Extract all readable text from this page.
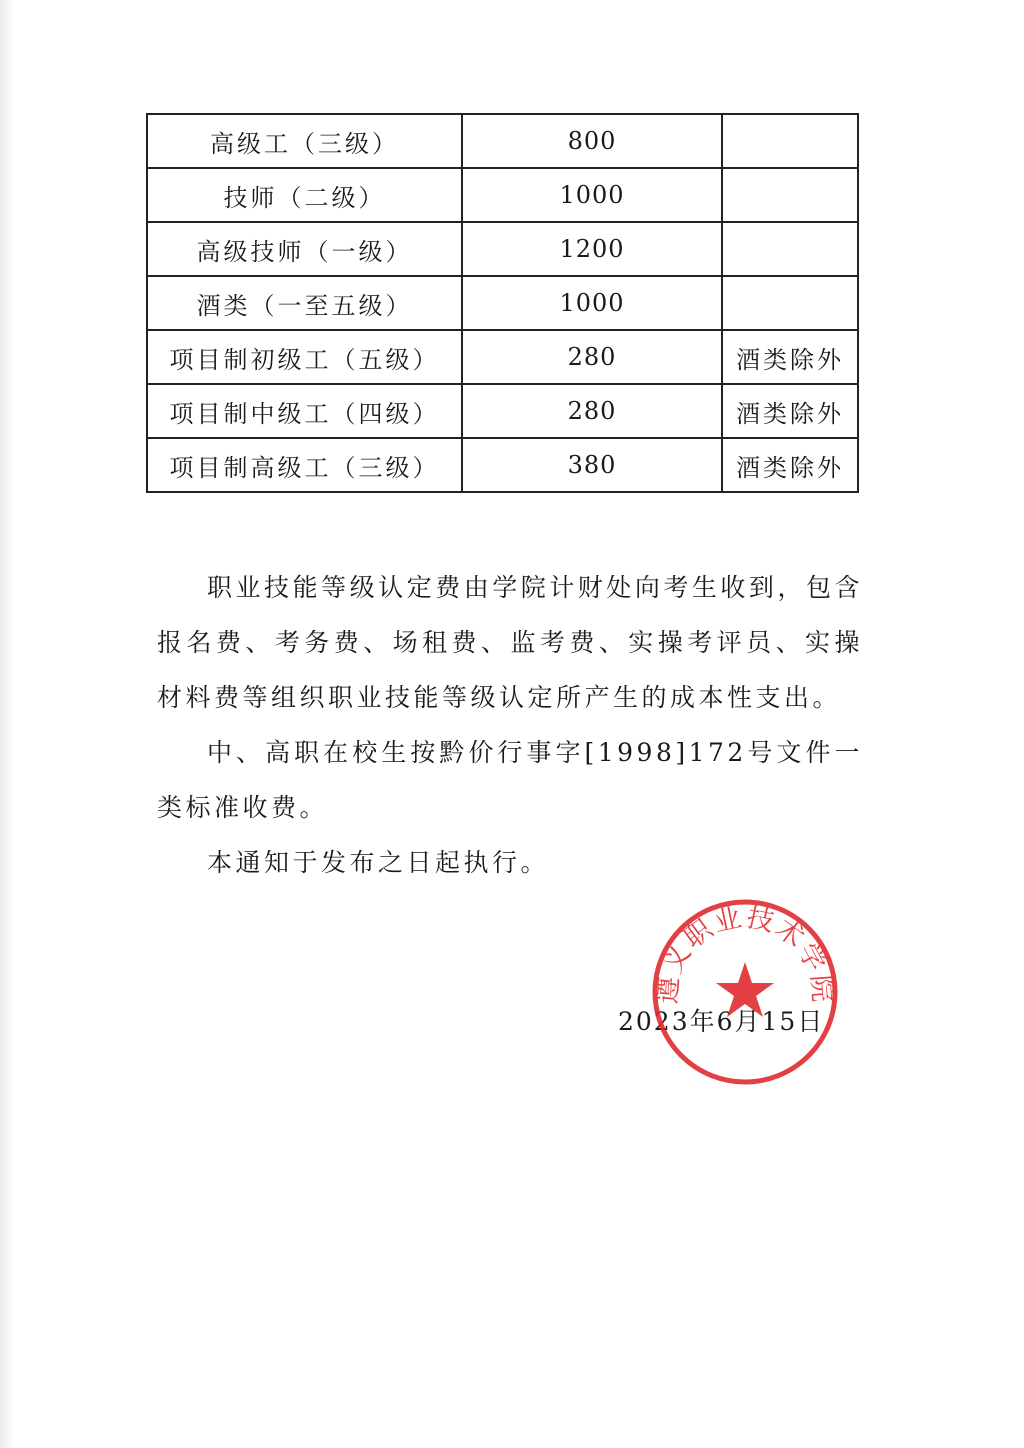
高级工（三级）	800	
技师（二级）	1000	
高级技师（一级）	1200	
酒类（一至五级）	1000	
项目制初级工（五级）	280	酒类除外
项目制中级工（四级）	280	酒类除外
项目制高级工（三级）	380	酒类除外

职业技能等级认定费由学院计财处向考生收到，包含报名费、考务费、场租费、监考费、实操考评员、实操材料费等组织职业技能等级认定所产生的成本性支出。

中、高职在校生按黔价行事字[1998]172号文件一类标准收费。

本通知于发布之日起执行。

2023年6月15日
遵义职业技术学院
